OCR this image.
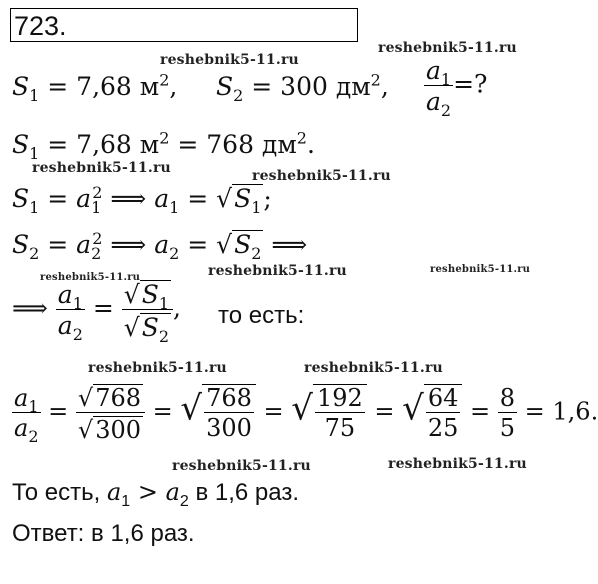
723.
reshebnik5-11.ru
reshebnik5-11.ru
reshebnik5-11.ru	reshebnik5-11.ru
reshebnik5-11.ru
reshebnik5-11.ru
reshebnik5-11.ru
reshebnik5-11.ru	reshebnik5-11.ru
reshebnik5-11.ru	reshebnik5-11.ru
$S_1 = 7,68$ $м^2$, $S_2 = 300$ $дм^2$, $\frac{a_1}{a_2}$ =?
$S_1 = 7,68$ $м^2 = 768$ $дм^2$.
$S_1 = a_1^2$ ⟹ $a_1 = √S_1$;
$S_2 = a_2^2$ ⟹ $a_2 = √S_2$ ⟹
⟹ $\frac{a_1}{a_2} = \frac{√S_1}{√S_2}$ , то есть:
$\frac{a_1}{a_2} = \frac{√768}{√300}$ = √ $\frac{768}{300}$ = √ $\frac{192}{75}$ = √ $\frac{64}{25} = \frac{8}{5} = 1,6$.
То есть, $a_1 > a_2$ в 1,6 раз.
Ответ: в 1,6 раз.
